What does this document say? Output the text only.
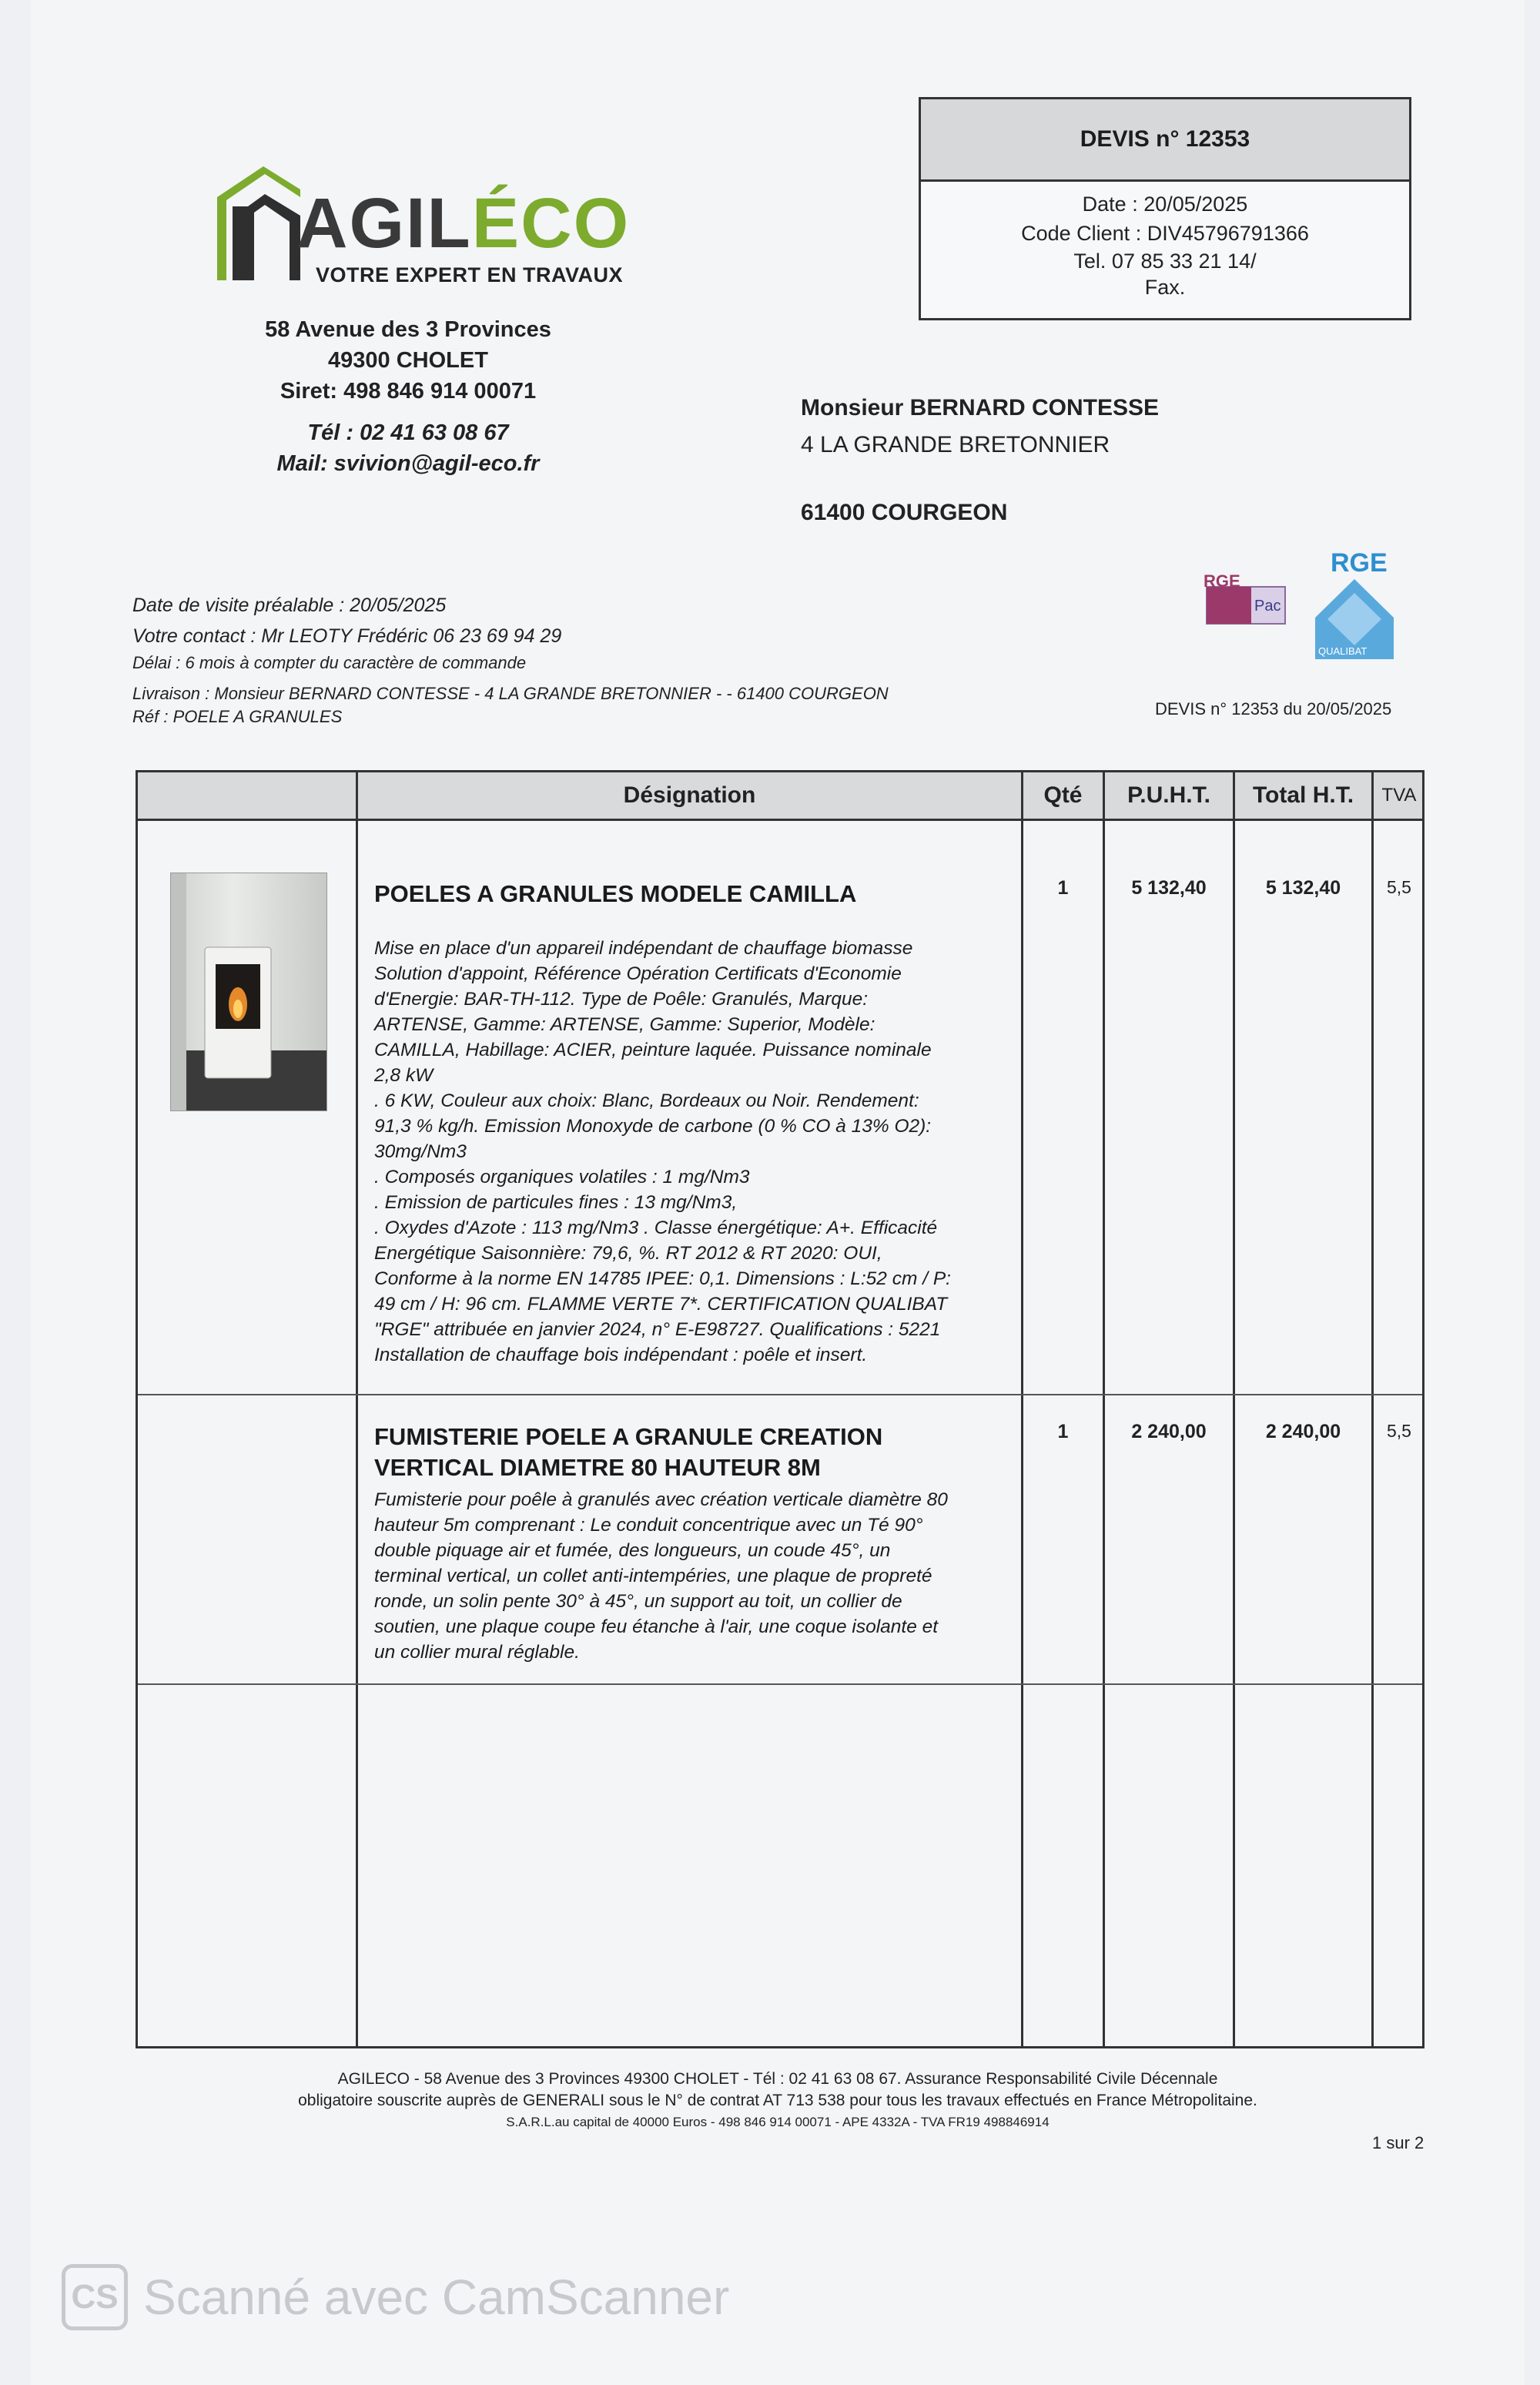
AGILÉCO
VOTRE EXPERT EN TRAVAUX
58 Avenue des 3 Provinces
49300 CHOLET
Siret: 498 846 914 00071
Tél : 02 41 63 08 67
Mail: svivion@agil-eco.fr
DEVIS n° 12353
Date : 20/05/2025
Code Client : DIV45796791366
Tel. 07 85 33 21 14/
Fax.
Monsieur BERNARD CONTESSE
4 LA GRANDE BRETONNIER
61400 COURGEON
Date de visite préalable : 20/05/2025
Votre contact : Mr LEOTY Frédéric 06 23 69 94 29
Délai : 6 mois à compter du caractère de commande
Livraison : Monsieur BERNARD CONTESSE - 4 LA GRANDE BRETONNIER - - 61400 COURGEON
Réf : POELE A GRANULES
RGE
Pac
RGE
QUALIBAT
DEVIS n° 12353 du 20/05/2025
Désignation	Qté	P.U.H.T.	Total H.T.	TVA
POELES A GRANULES MODELE CAMILLA
Mise en place d'un appareil indépendant de chauffage biomasse
Solution d'appoint, Référence Opération Certificats d'Economie
d'Energie: BAR-TH-112. Type de Poêle: Granulés, Marque:
ARTENSE, Gamme: ARTENSE, Gamme: Superior, Modèle:
CAMILLA, Habillage: ACIER, peinture laquée. Puissance nominale
2,8 kW
. 6 KW, Couleur aux choix: Blanc, Bordeaux ou Noir. Rendement:
91,3 % kg/h. Emission Monoxyde de carbone (0 % CO à 13% O2):
30mg/Nm3
. Composés organiques volatiles : 1 mg/Nm3
. Emission de particules fines : 13 mg/Nm3,
. Oxydes d'Azote : 113 mg/Nm3 . Classe énergétique: A+. Efficacité
Energétique Saisonnière: 79,6, %. RT 2012 & RT 2020: OUI,
Conforme à la norme EN 14785 IPEE: 0,1. Dimensions : L:52 cm / P:
49 cm / H: 96 cm. FLAMME VERTE 7*. CERTIFICATION QUALIBAT
"RGE" attribuée en janvier 2024, n° E-E98727. Qualifications : 5221
Installation de chauffage bois indépendant : poêle et insert.
1	5 132,40	5 132,40	5,5
FUMISTERIE POELE A GRANULE CREATION
VERTICAL DIAMETRE 80 HAUTEUR 8M
Fumisterie pour poêle à granulés avec création verticale diamètre 80
hauteur 5m comprenant : Le conduit concentrique avec un Té 90°
double piquage air et fumée, des longueurs, un coude 45°, un
terminal vertical, un collet anti-intempéries, une plaque de propreté
ronde, un solin pente 30° à 45°, un support au toit, un collier de
soutien, une plaque coupe feu étanche à l'air, une coque isolante et
un collier mural réglable.
1	2 240,00	2 240,00	5,5
AGILECO - 58 Avenue des 3 Provinces 49300 CHOLET - Tél : 02 41 63 08 67. Assurance Responsabilité Civile Décennale
obligatoire souscrite auprès de GENERALI sous le N° de contrat AT 713 538 pour tous les travaux effectués en France Métropolitaine.
S.A.R.L.au capital de 40000 Euros - 498 846 914 00071 - APE 4332A - TVA FR19 498846914
1 sur 2
CS Scanné avec CamScanner
